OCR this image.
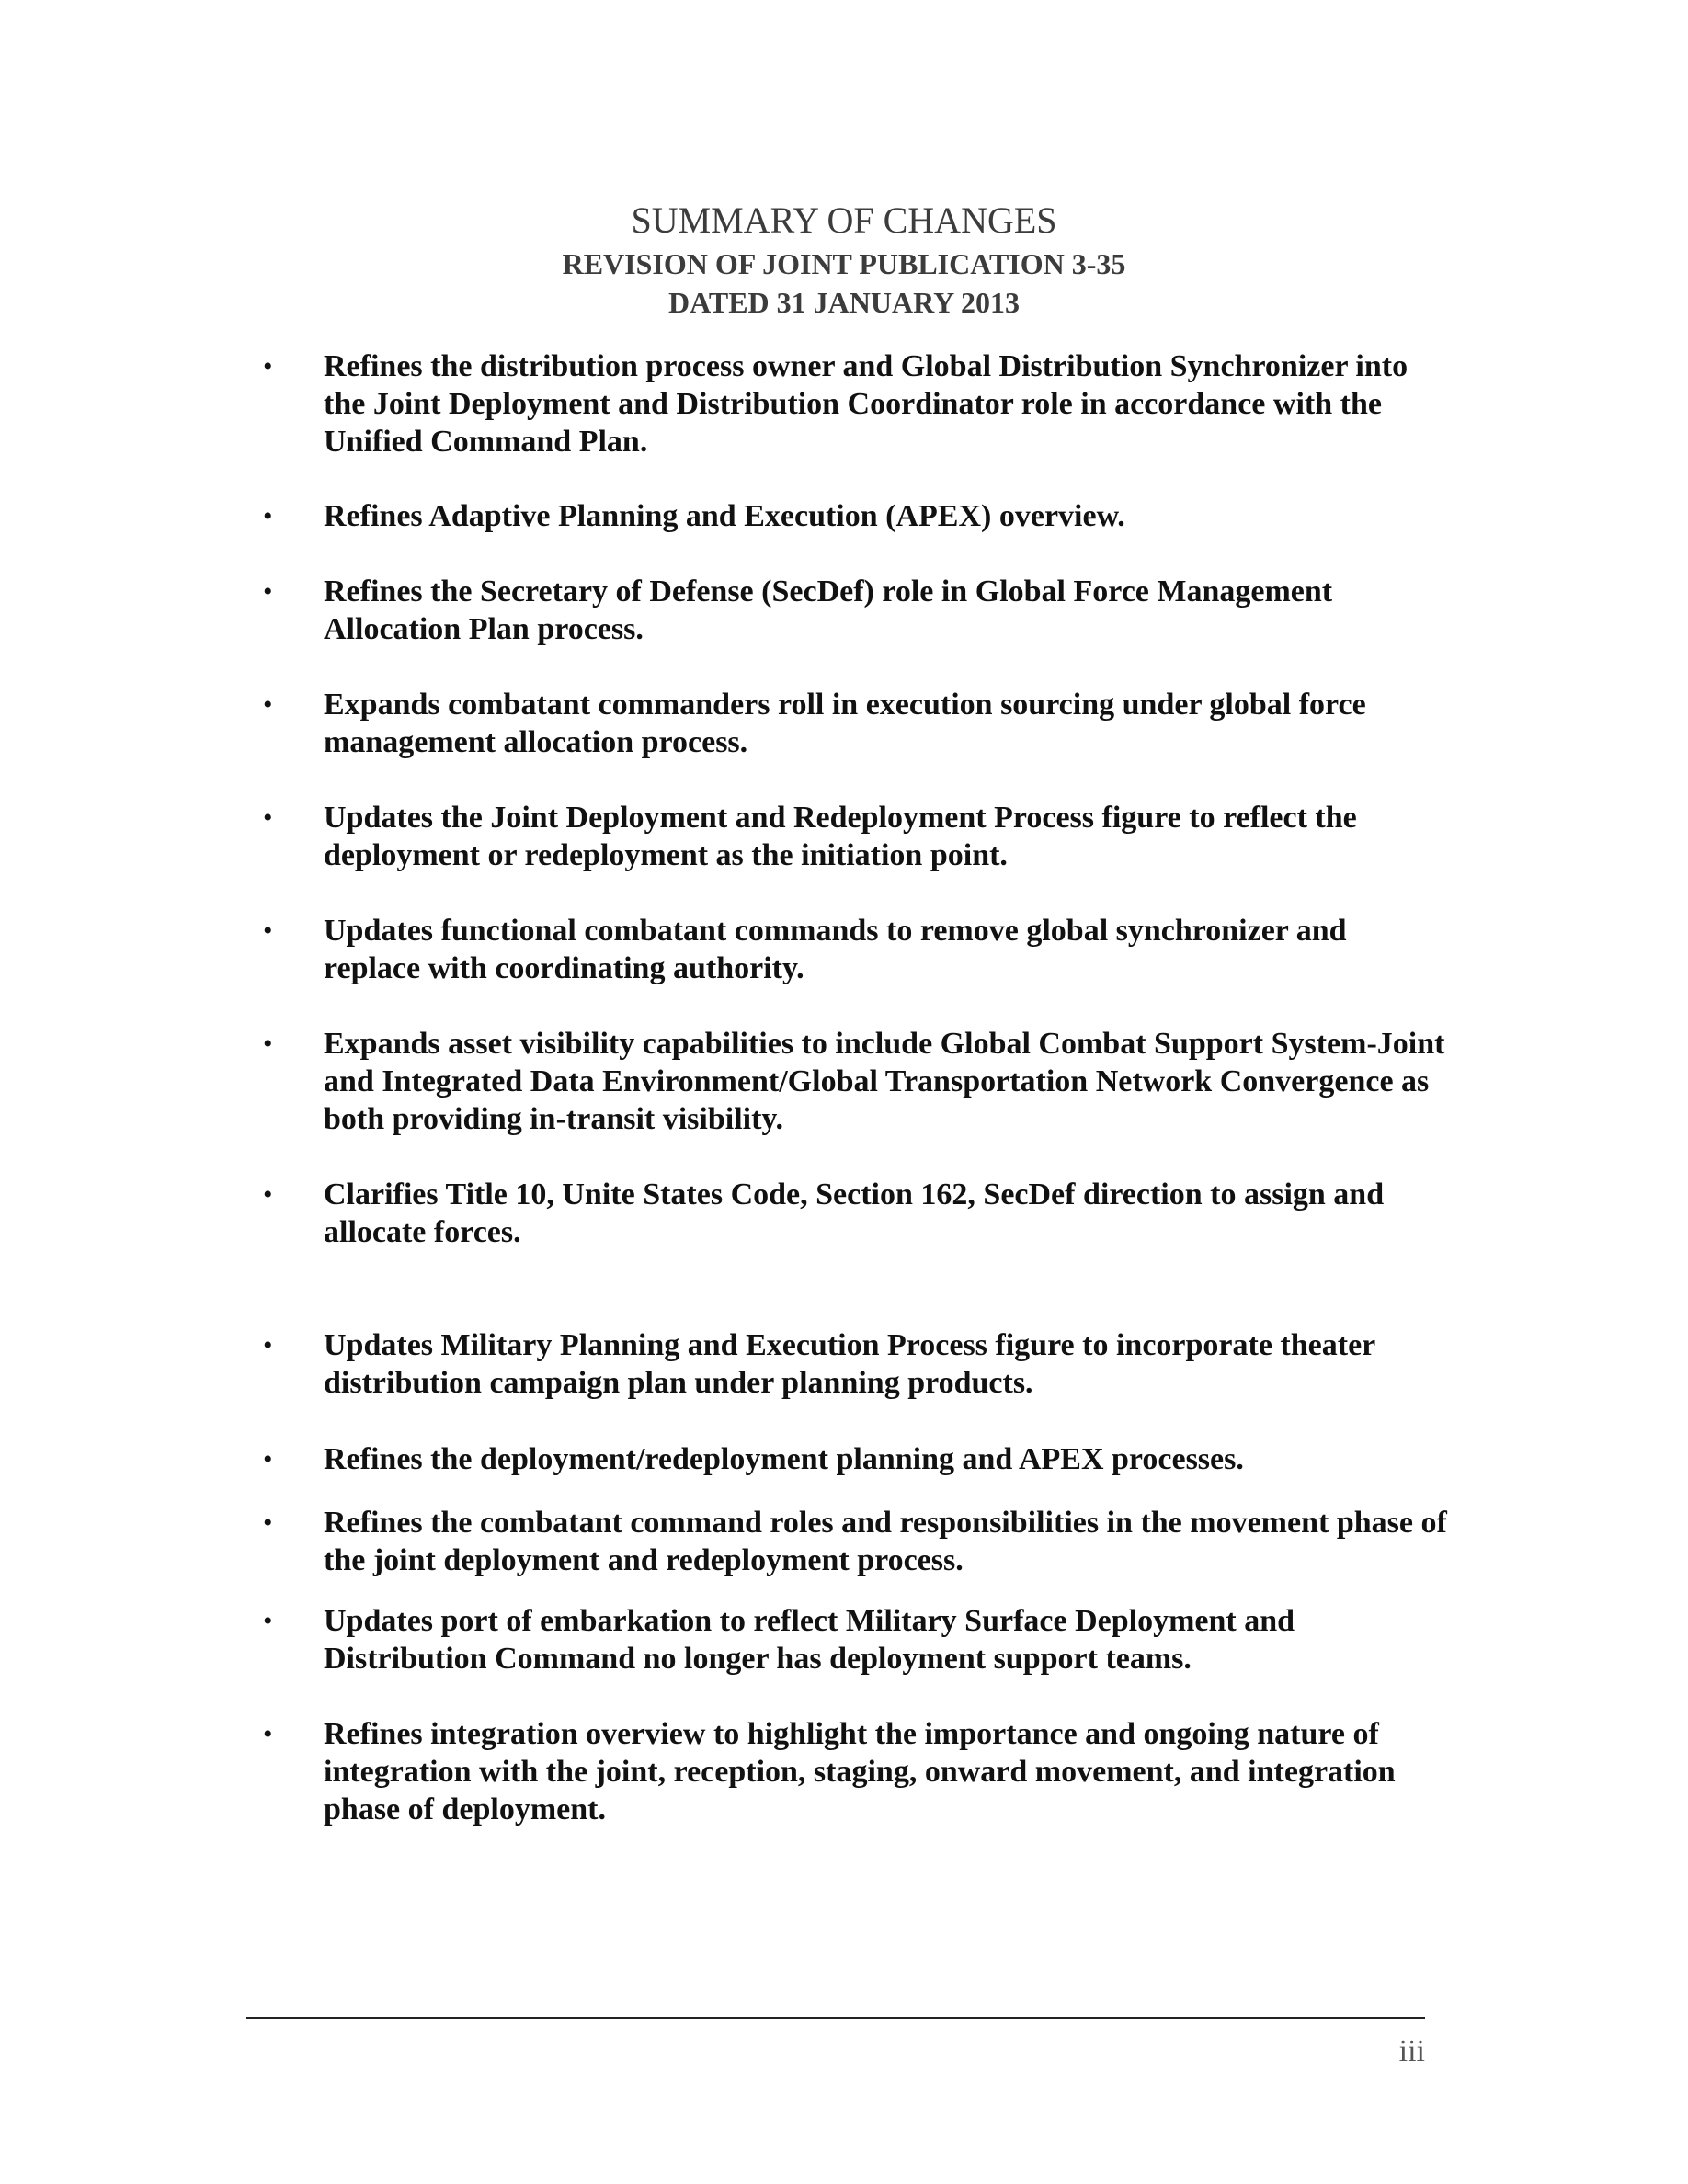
SUMMARY OF CHANGES
REVISION OF JOINT PUBLICATION 3-35
DATED 31 JANUARY 2013
• Refines the distribution process owner and Global Distribution Synchronizer into the Joint Deployment and Distribution Coordinator role in accordance with the Unified Command Plan.
• Refines Adaptive Planning and Execution (APEX) overview.
• Refines the Secretary of Defense (SecDef) role in Global Force Management Allocation Plan process.
• Expands combatant commanders roll in execution sourcing under global force management allocation process.
• Updates the Joint Deployment and Redeployment Process figure to reflect the deployment or redeployment as the initiation point.
• Updates functional combatant commands to remove global synchronizer and replace with coordinating authority.
• Expands asset visibility capabilities to include Global Combat Support System-Joint and Integrated Data Environment/Global Transportation Network Convergence as both providing in-transit visibility.
• Clarifies Title 10, Unite States Code, Section 162, SecDef direction to assign and allocate forces.
• Updates Military Planning and Execution Process figure to incorporate theater distribution campaign plan under planning products.
• Refines the deployment/redeployment planning and APEX processes.
• Refines the combatant command roles and responsibilities in the movement phase of the joint deployment and redeployment process.
• Updates port of embarkation to reflect Military Surface Deployment and Distribution Command no longer has deployment support teams.
• Refines integration overview to highlight the importance and ongoing nature of integration with the joint, reception, staging, onward movement, and integration phase of deployment.
iii
